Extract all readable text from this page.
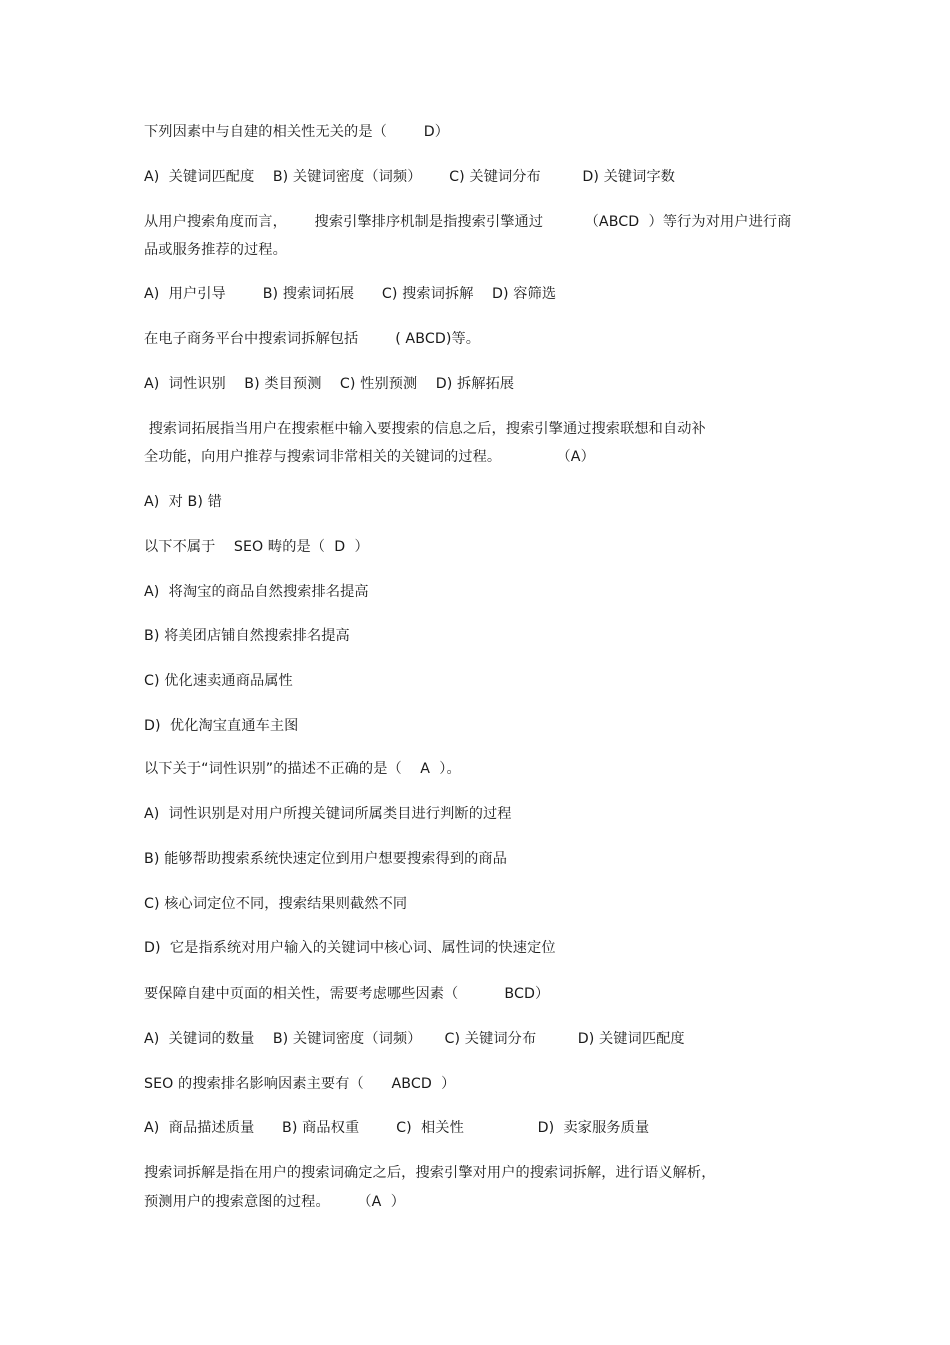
下列因素中与自建的相关性无关的是（        D）
A)  关键词匹配度    B) 关键词密度（词频）      C) 关键词分布         D) 关键词字数
从用户搜索角度而言，      搜索引擎排序机制是指搜索引擎通过         （ABCD  ）等行为对用户进行商
品或服务推荐的过程。
A)  用户引导        B) 搜索词拓展      C) 搜索词拆解    D) 容筛选
在电子商务平台中搜索词拆解包括        ( ABCD)等。
A)  词性识别    B) 类目预测    C) 性别预测    D) 拆解拓展
搜索词拓展指当用户在搜索框中输入要搜索的信息之后，搜索引擎通过搜索联想和自动补
全功能，向用户推荐与搜索词非常相关的关键词的过程。            （A）
A)  对 B) 错
以下不属于    SEO 畴的是（  D  ）
A)  将淘宝的商品自然搜索排名提高
B) 将美团店铺自然搜索排名提高
C) 优化速卖通商品属性
D)  优化淘宝直通车主图
以下关于“词性识别”的描述不正确的是（    A  ）。
A)  词性识别是对用户所搜关键词所属类目进行判断的过程
B) 能够帮助搜索系统快速定位到用户想要搜索得到的商品
C) 核心词定位不同，搜索结果则截然不同
D)  它是指系统对用户输入的关键词中核心词、属性词的快速定位
要保障自建中页面的相关性，需要考虑哪些因素（          BCD）
A)  关键词的数量    B) 关键词密度（词频）     C) 关键词分布         D) 关键词匹配度
SEO 的搜索排名影响因素主要有（      ABCD  ）
A)  商品描述质量      B) 商品权重        C)  相关性                D)  卖家服务质量
搜索词拆解是指在用户的搜索词确定之后，搜索引擎对用户的搜索词拆解，进行语义解析，
预测用户的搜索意图的过程。      （A  ）
